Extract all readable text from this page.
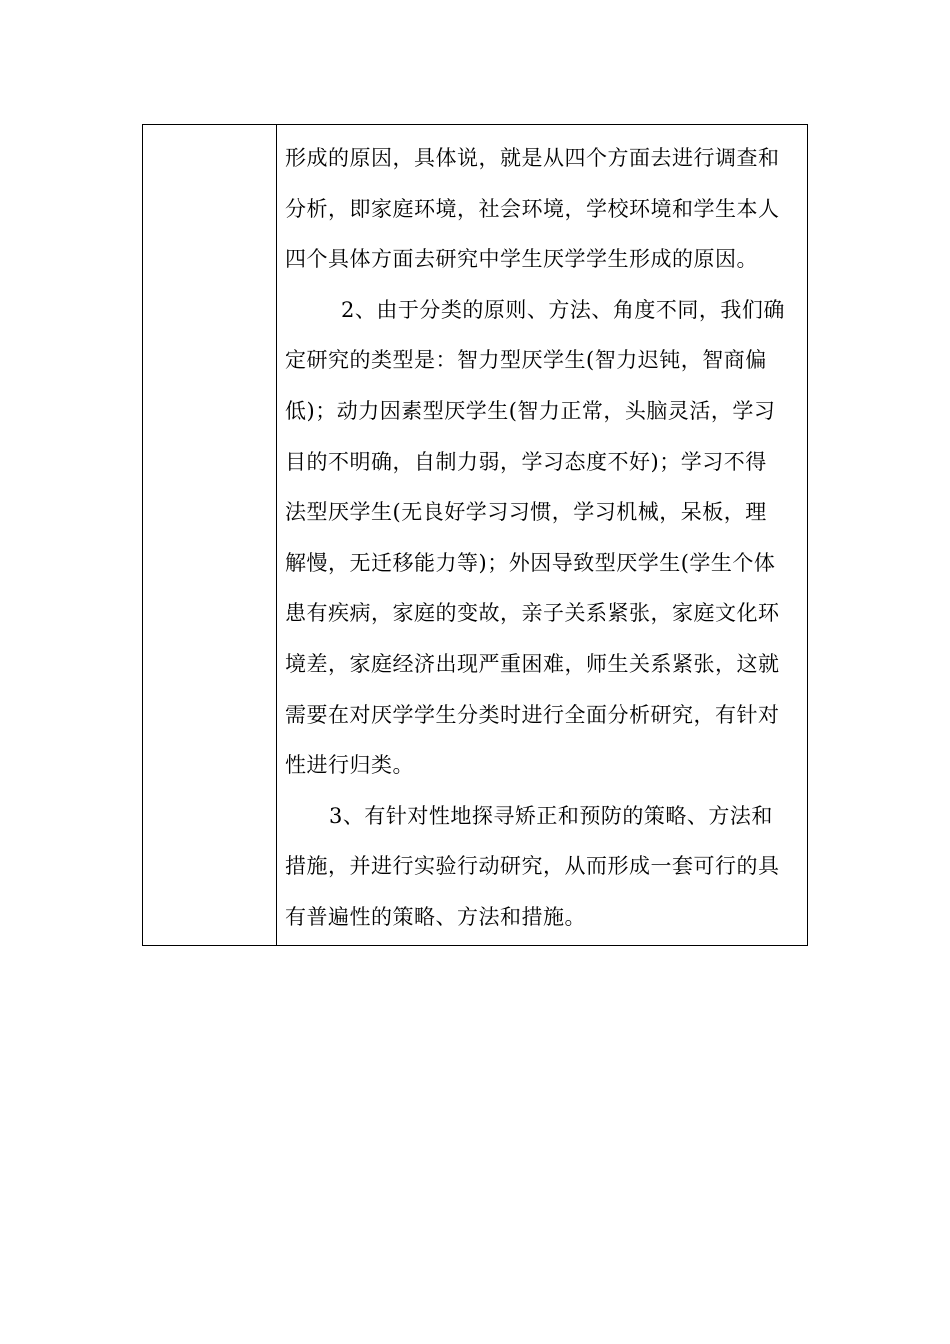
形成的原因，具体说，就是从四个方面去进行调查和
分析，即家庭环境，社会环境，学校环境和学生本人
四个具体方面去研究中学生厌学学生形成的原因。
2、由于分类的原则、方法、角度不同，我们确
定研究的类型是：智力型厌学生(智力迟钝，智商偏
低)；动力因素型厌学生(智力正常，头脑灵活，学习
目的不明确，自制力弱，学习态度不好)；学习不得
法型厌学生(无良好学习习惯，学习机械，呆板，理
解慢，无迁移能力等)；外因导致型厌学生(学生个体
患有疾病，家庭的变故，亲子关系紧张，家庭文化环
境差，家庭经济出现严重困难，师生关系紧张，这就
需要在对厌学学生分类时进行全面分析研究，有针对
性进行归类。
3、有针对性地探寻矫正和预防的策略、方法和
措施，并进行实验行动研究，从而形成一套可行的具
有普遍性的策略、方法和措施。
